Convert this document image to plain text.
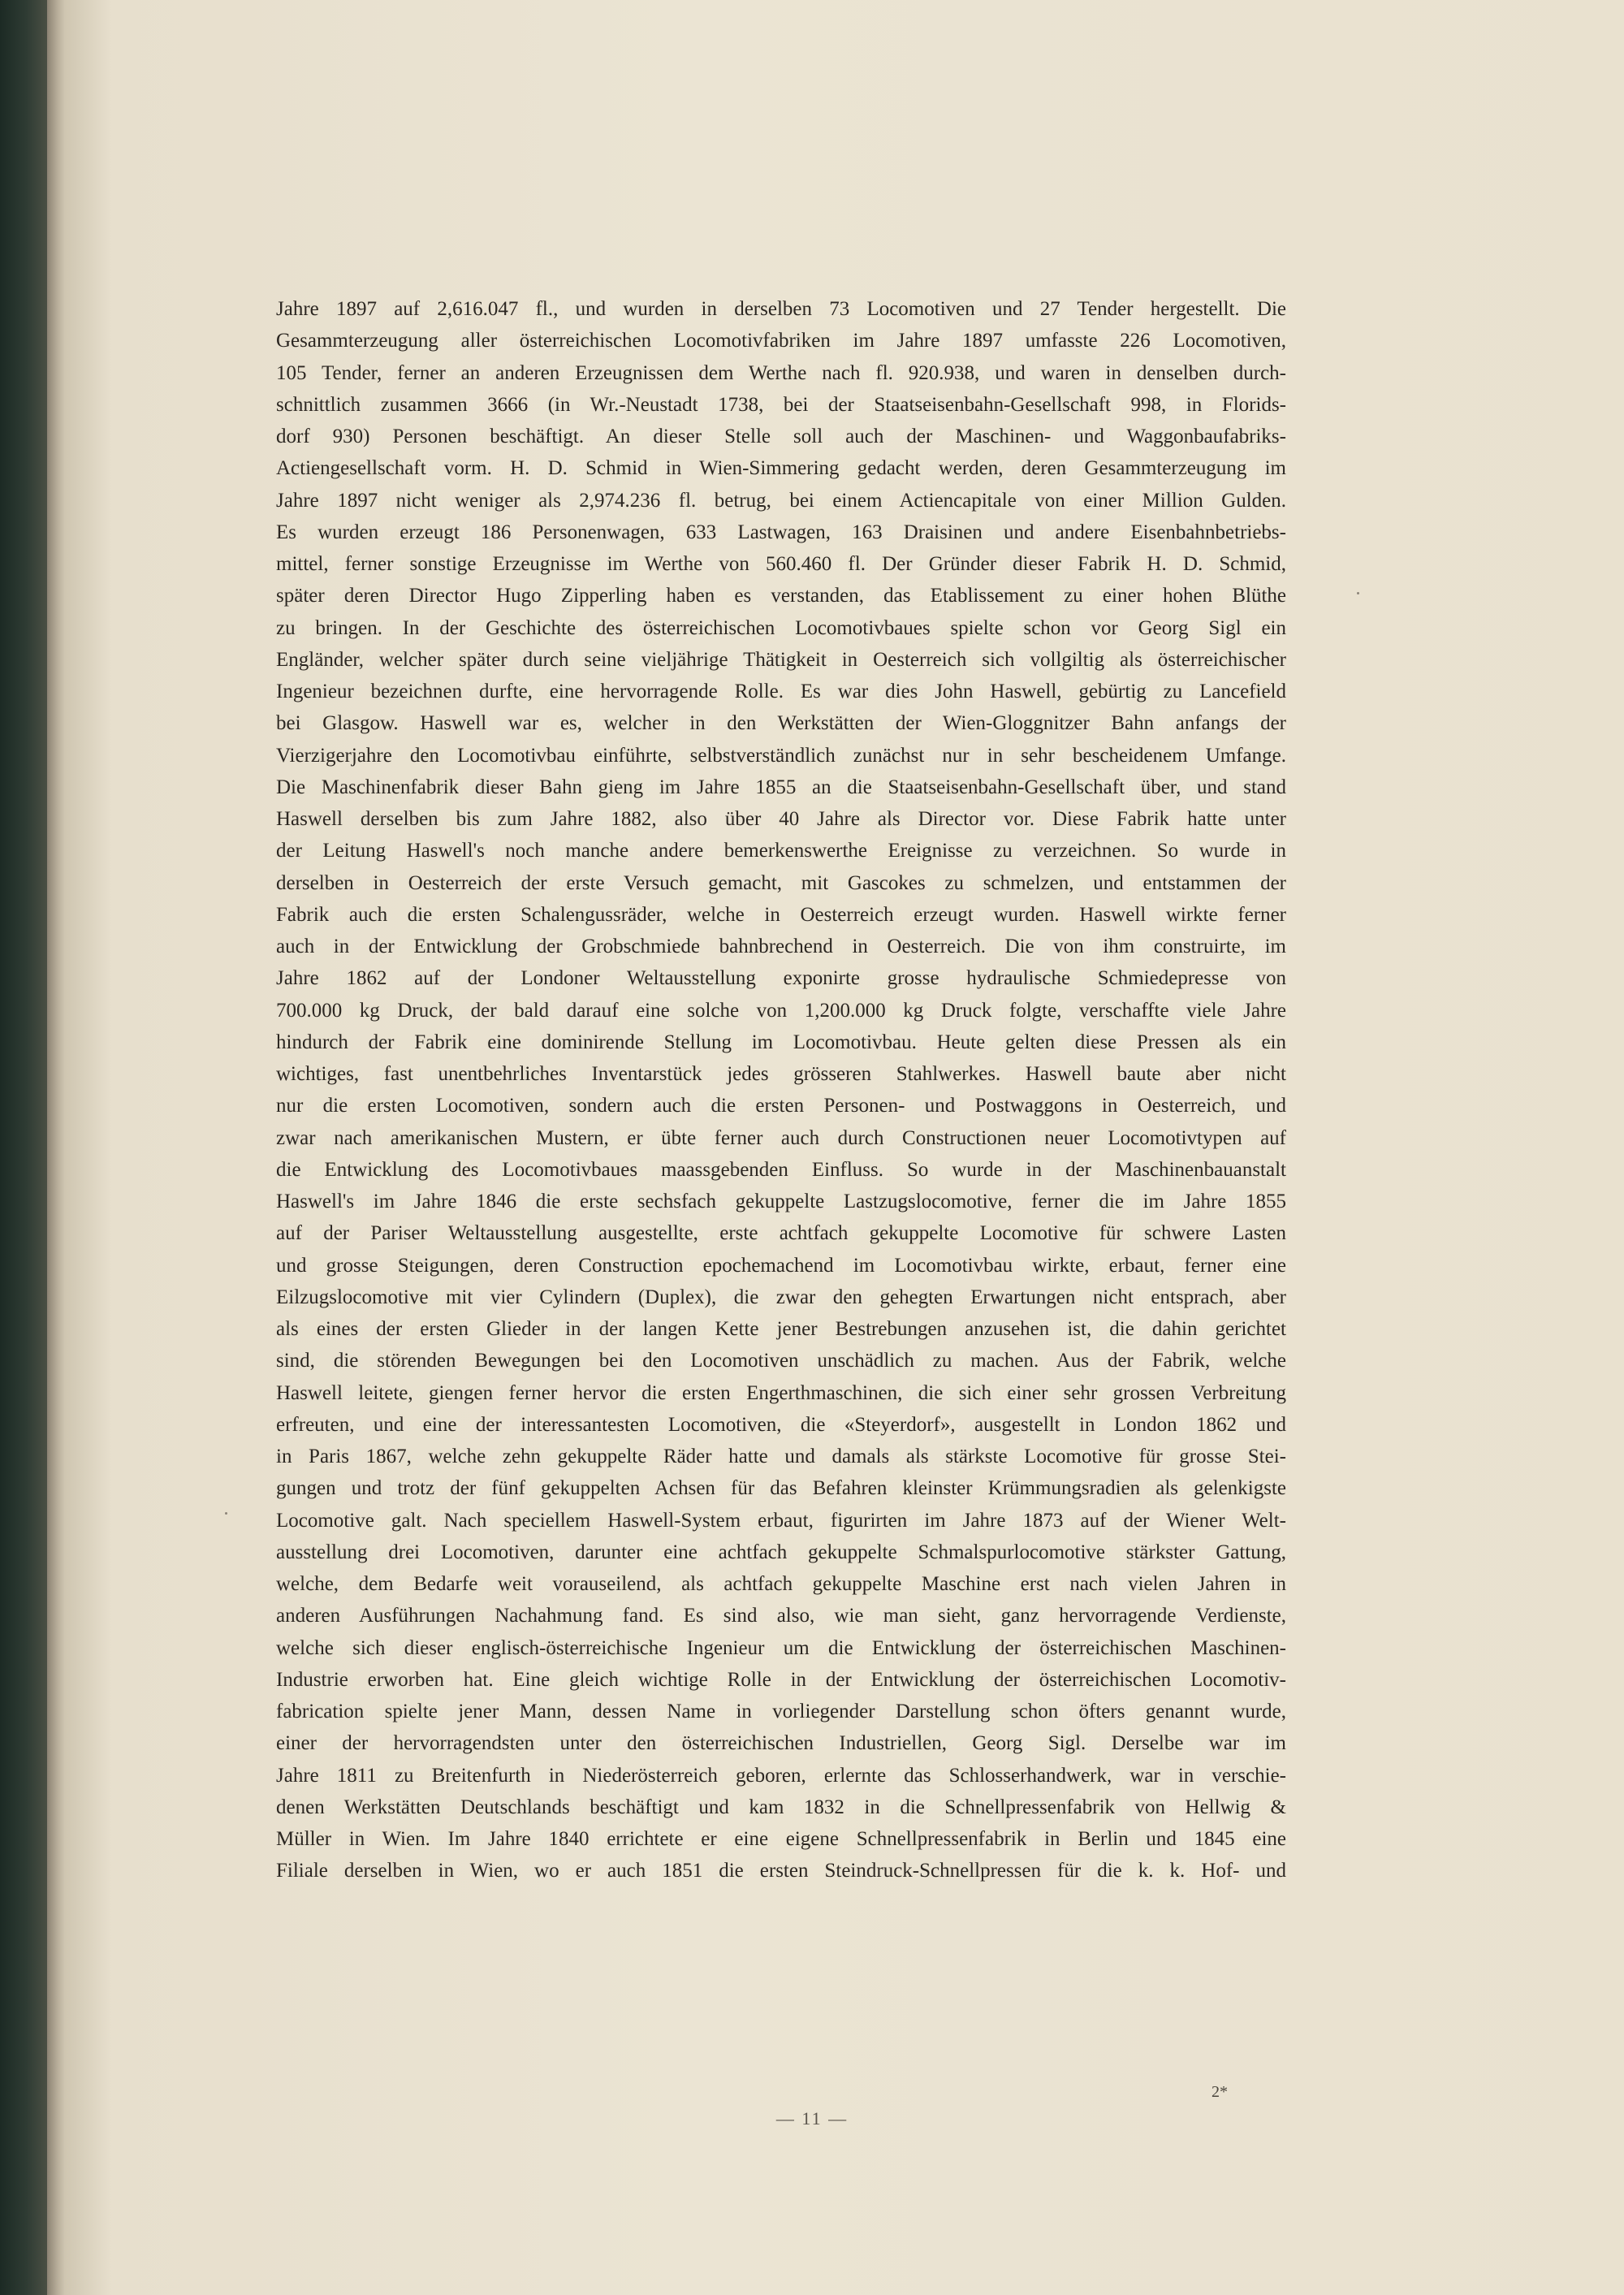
Jahre 1897 auf 2,616.047 fl., und wurden in derselben 73 Locomotiven und 27 Tender hergestellt. Die
Gesammterzeugung aller österreichischen Locomotivfabriken im Jahre 1897 umfasste 226 Locomotiven,
105 Tender, ferner an anderen Erzeugnissen dem Werthe nach fl. 920.938, und waren in denselben durch-
schnittlich zusammen 3666 (in Wr.-Neustadt 1738, bei der Staatseisenbahn-Gesellschaft 998, in Florids-
dorf 930) Personen beschäftigt. An dieser Stelle soll auch der Maschinen- und Waggonbaufabriks-
Actiengesellschaft vorm. H. D. Schmid in Wien-Simmering gedacht werden, deren Gesammterzeugung im
Jahre 1897 nicht weniger als 2,974.236 fl. betrug, bei einem Actiencapitale von einer Million Gulden.
Es wurden erzeugt 186 Personenwagen, 633 Lastwagen, 163 Draisinen und andere Eisenbahnbetriebs-
mittel, ferner sonstige Erzeugnisse im Werthe von 560.460 fl. Der Gründer dieser Fabrik H. D. Schmid,
später deren Director Hugo Zipperling haben es verstanden, das Etablissement zu einer hohen Blüthe
zu bringen. In der Geschichte des österreichischen Locomotivbaues spielte schon vor Georg Sigl ein
Engländer, welcher später durch seine vieljährige Thätigkeit in Oesterreich sich vollgiltig als österreichischer
Ingenieur bezeichnen durfte, eine hervorragende Rolle. Es war dies John Haswell, gebürtig zu Lancefield
bei Glasgow. Haswell war es, welcher in den Werkstätten der Wien-Gloggnitzer Bahn anfangs der
Vierzigerjahre den Locomotivbau einführte, selbstverständlich zunächst nur in sehr bescheidenem Umfange.
Die Maschinenfabrik dieser Bahn gieng im Jahre 1855 an die Staatseisenbahn-Gesellschaft über, und stand
Haswell derselben bis zum Jahre 1882, also über 40 Jahre als Director vor. Diese Fabrik hatte unter
der Leitung Haswell's noch manche andere bemerkenswerthe Ereignisse zu verzeichnen. So wurde in
derselben in Oesterreich der erste Versuch gemacht, mit Gascokes zu schmelzen, und entstammen der
Fabrik auch die ersten Schalengussräder, welche in Oesterreich erzeugt wurden. Haswell wirkte ferner
auch in der Entwicklung der Grobschmiede bahnbrechend in Oesterreich. Die von ihm construirte, im
Jahre 1862 auf der Londoner Weltausstellung exponirte grosse hydraulische Schmiedepresse von
700.000 kg Druck, der bald darauf eine solche von 1,200.000 kg Druck folgte, verschaffte viele Jahre
hindurch der Fabrik eine dominirende Stellung im Locomotivbau. Heute gelten diese Pressen als ein
wichtiges, fast unentbehrliches Inventarstück jedes grösseren Stahlwerkes. Haswell baute aber nicht
nur die ersten Locomotiven, sondern auch die ersten Personen- und Postwaggons in Oesterreich, und
zwar nach amerikanischen Mustern, er übte ferner auch durch Constructionen neuer Locomotivtypen auf
die Entwicklung des Locomotivbaues maassgebenden Einfluss. So wurde in der Maschinenbauanstalt
Haswell's im Jahre 1846 die erste sechsfach gekuppelte Lastzugslocomotive, ferner die im Jahre 1855
auf der Pariser Weltausstellung ausgestellte, erste achtfach gekuppelte Locomotive für schwere Lasten
und grosse Steigungen, deren Construction epochemachend im Locomotivbau wirkte, erbaut, ferner eine
Eilzugslocomotive mit vier Cylindern (Duplex), die zwar den gehegten Erwartungen nicht entsprach, aber
als eines der ersten Glieder in der langen Kette jener Bestrebungen anzusehen ist, die dahin gerichtet
sind, die störenden Bewegungen bei den Locomotiven unschädlich zu machen. Aus der Fabrik, welche
Haswell leitete, giengen ferner hervor die ersten Engerthmaschinen, die sich einer sehr grossen Verbreitung
erfreuten, und eine der interessantesten Locomotiven, die «Steyerdorf», ausgestellt in London 1862 und
in Paris 1867, welche zehn gekuppelte Räder hatte und damals als stärkste Locomotive für grosse Stei-
gungen und trotz der fünf gekuppelten Achsen für das Befahren kleinster Krümmungsradien als gelenkigste
Locomotive galt. Nach speciellem Haswell-System erbaut, figurirten im Jahre 1873 auf der Wiener Welt-
ausstellung drei Locomotiven, darunter eine achtfach gekuppelte Schmalspurlocomotive stärkster Gattung,
welche, dem Bedarfe weit vorauseilend, als achtfach gekuppelte Maschine erst nach vielen Jahren in
anderen Ausführungen Nachahmung fand. Es sind also, wie man sieht, ganz hervorragende Verdienste,
welche sich dieser englisch-österreichische Ingenieur um die Entwicklung der österreichischen Maschinen-
Industrie erworben hat. Eine gleich wichtige Rolle in der Entwicklung der österreichischen Locomotiv-
fabrication spielte jener Mann, dessen Name in vorliegender Darstellung schon öfters genannt wurde,
einer der hervorragendsten unter den österreichischen Industriellen, Georg Sigl. Derselbe war im
Jahre 1811 zu Breitenfurth in Niederösterreich geboren, erlernte das Schlosserhandwerk, war in verschie-
denen Werkstätten Deutschlands beschäftigt und kam 1832 in die Schnellpressenfabrik von Hellwig &
Müller in Wien. Im Jahre 1840 errichtete er eine eigene Schnellpressenfabrik in Berlin und 1845 eine
Filiale derselben in Wien, wo er auch 1851 die ersten Steindruck-Schnellpressen für die k. k. Hof- und
2*
— 11 —
